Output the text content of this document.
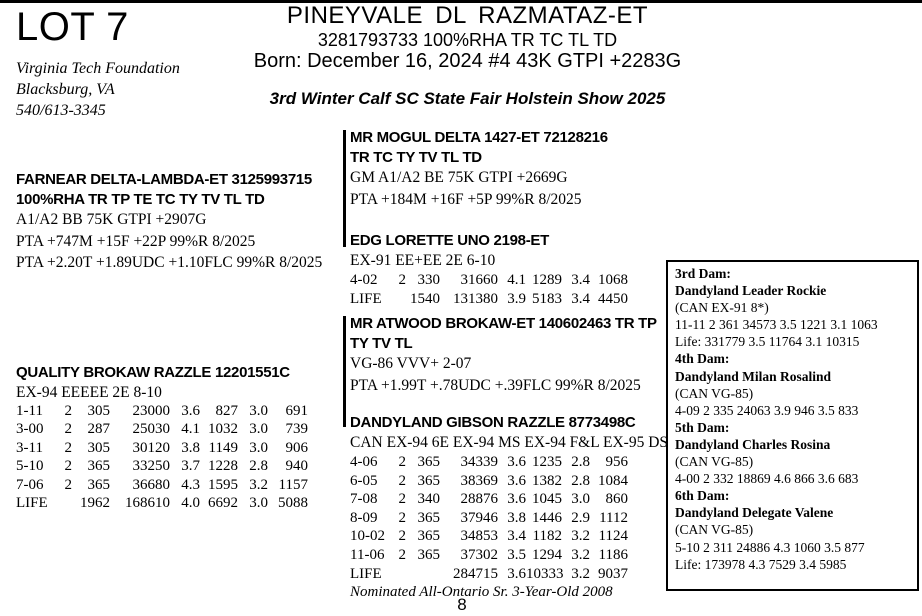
LOT 7
Virginia Tech Foundation
Blacksburg, VA
540/613-3345
PINEYVALE DL RAZMATAZ-ET
3281793733 100%RHA TR TC TL TD
Born: December 16, 2024 #4 43K GTPI +2283G
3rd Winter Calf SC State Fair Holstein Show 2025
FARNEAR DELTA-LAMBDA-ET 3125993715
100%RHA TR TP TE TC TY TV TL TD
A1/A2 BB 75K GTPI +2907G
PTA +747M +15F +22P 99%R 8/2025
PTA +2.20T +1.89UDC +1.10FLC 99%R 8/2025
QUALITY BROKAW RAZZLE 12201551C
EX-94 EEEEE 2E 8-10
1-11	2	305	23000 3.6	827 3.0	691
3-00	2	287	25030 4.1 1032 3.0	739
3-11	2	305	30120 3.8 1149 3.0	906
5-10	2	365	33250 3.7 1228 2.8	940
7-06	2	365	36680 4.3 1595 3.2 1157
LIFE	1962	168610 4.0 6692 3.0 5088
MR MOGUL DELTA 1427-ET 72128216
TR TC TY TV TL TD
GM A1/A2 BE 75K GTPI +2669G
PTA +184M +16F +5P 99%R 8/2025
EDG LORETTE UNO 2198-ET
EX-91 EE+EE 2E 6-10
4-02	2 330	31660 4.1 1289 3.4 1068
LIFE	1540 131380 3.9 5183 3.4 4450
MR ATWOOD BROKAW-ET 140602463 TR TP
TY TV TL
VG-86 VVV+ 2-07
PTA +1.99T +.78UDC +.39FLC 99%R 8/2025
DANDYLAND GIBSON RAZZLE 8773498C
CAN EX-94 6E EX-94 MS EX-94 F&L EX-95 DS
4-06	2 365	34339 3.6 1235 2.8	956
6-05	2 365	38369 3.6 1382 2.8 1084
7-08	2 340	28876 3.6 1045 3.0	860
8-09	2 365	37946 3.8 1446 2.9 1112
10-02 2 365	34853 3.4 1182 3.2 1124
11-06 2 365	37302 3.5 1294 3.2 1186
LIFE	284715 3.6 10333 3.2 9037
Nominated All-Ontario Sr. 3-Year-Old 2008
3rd Dam:
Dandyland Leader Rockie
(CAN EX-91 8*)
11-11 2 361 34573 3.5 1221 3.1 1063
Life: 331779 3.5 11764 3.1 10315
4th Dam:
Dandyland Milan Rosalind
(CAN VG-85)
4-09 2 335 24063 3.9 946 3.5 833
5th Dam:
Dandyland Charles Rosina
(CAN VG-85)
4-00 2 332 18869 4.6 866 3.6 683
6th Dam:
Dandyland Delegate Valene
(CAN VG-85)
5-10 2 311 24886 4.3 1060 3.5 877
Life: 173978 4.3 7529 3.4 5985
8
